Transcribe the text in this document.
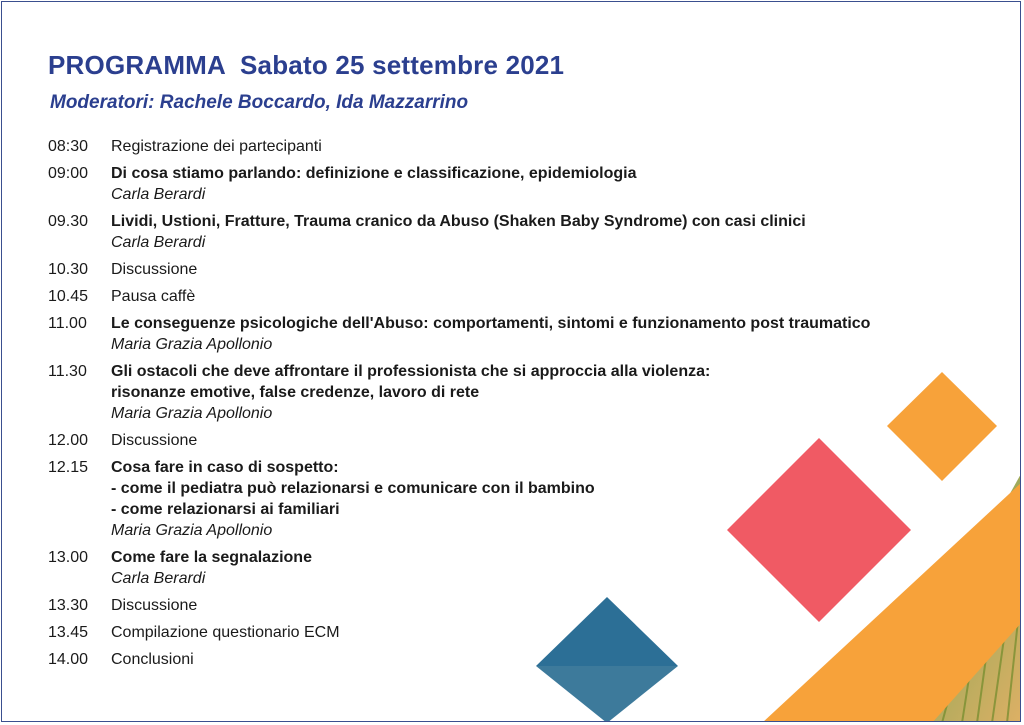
PROGRAMMA Sabato 25 settembre 2021
Moderatori: Rachele Boccardo, Ida Mazzarrino
08:30	Registrazione dei partecipanti
09:00	Di cosa stiamo parlando: definizione e classificazione, epidemiologia
Carla Berardi
09.30	Lividi, Ustioni, Fratture, Trauma cranico da Abuso (Shaken Baby Syndrome) con casi clinici
Carla Berardi
10.30	Discussione
10.45	Pausa caffè
11.00	Le conseguenze psicologiche dell'Abuso: comportamenti, sintomi e funzionamento post traumatico
Maria Grazia Apollonio
11.30	Gli ostacoli che deve affrontare il professionista che si approccia alla violenza:
risonanze emotive, false credenze, lavoro di rete
Maria Grazia Apollonio
12.00	Discussione
12.15	Cosa fare in caso di sospetto:
- come il pediatra può relazionarsi e comunicare con il bambino
- come relazionarsi ai familiari
Maria Grazia Apollonio
13.00	Come fare la segnalazione
Carla Berardi
13.30	Discussione
13.45	Compilazione questionario ECM
14.00	Conclusioni
